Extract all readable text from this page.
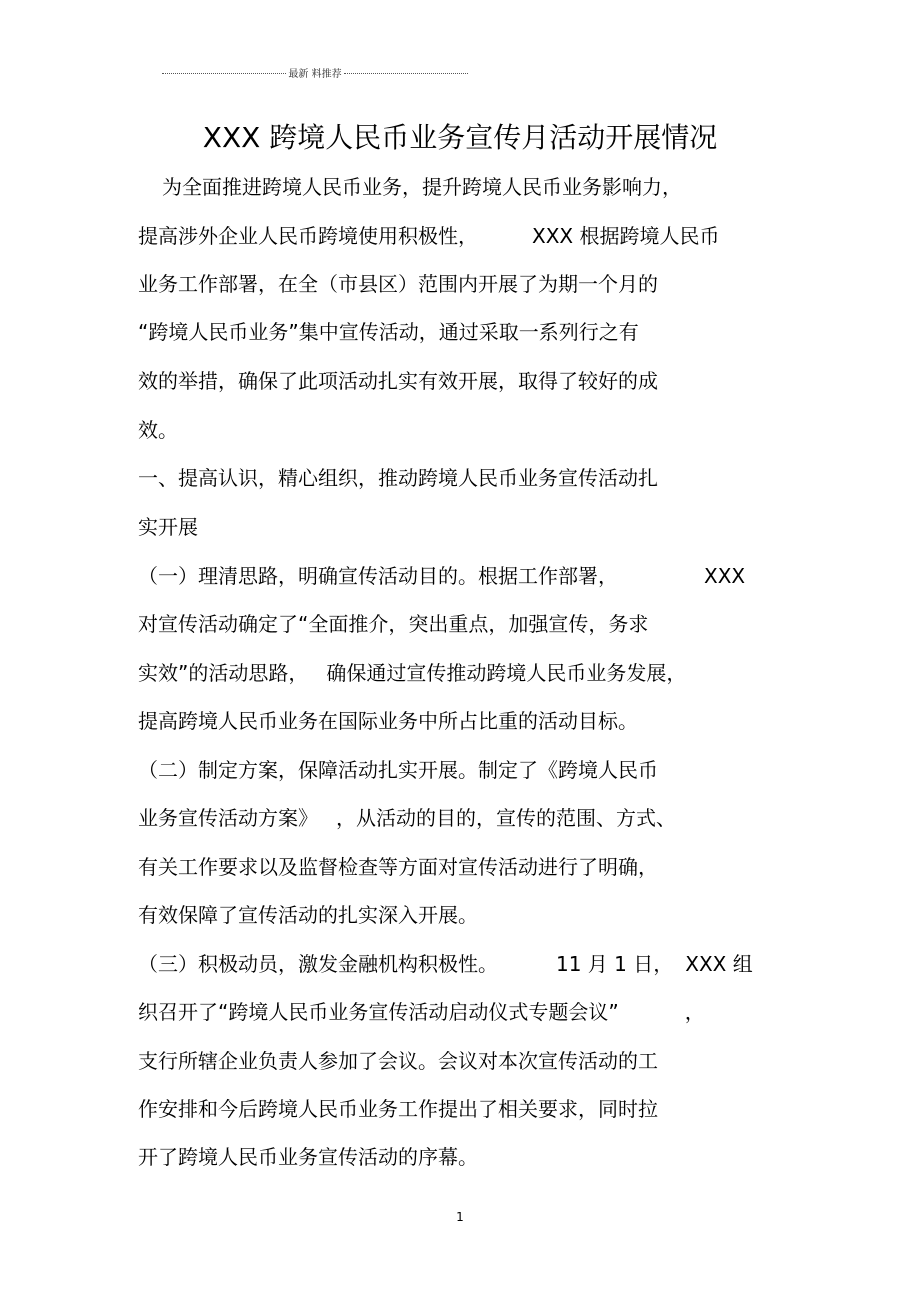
最新 料推荐
XXX 跨境人民币业务宣传月活动开展情况
为全面推进跨境人民币业务，提升跨境人民币业务影响力，
提高涉外企业人民币跨境使用积极性，	XXX 根据跨境人民币
业务工作部署，在全（市县区）范围内开展了为期一个月的
“跨境人民币业务”集中宣传活动，通过采取一系列行之有
效的举措，确保了此项活动扎实有效开展，取得了较好的成
效。
一、提高认识，精心组织，推动跨境人民币业务宣传活动扎
实开展
（一）理清思路，明确宣传活动目的。根据工作部署，	XXX
对宣传活动确定了“全面推介，突出重点，加强宣传，务求
实效”的活动思路， 确保通过宣传推动跨境人民币业务发展，
提高跨境人民币业务在国际业务中所占比重的活动目标。
（二）制定方案，保障活动扎实开展。制定了《跨境人民币
业务宣传活动方案》 ，从活动的目的，宣传的范围、方式、
有关工作要求以及监督检查等方面对宣传活动进行了明确，
有效保障了宣传活动的扎实深入开展。
（三）积极动员，激发金融机构积极性。	11 月 1 日， XXX 组
织召开了“跨境人民币业务宣传活动启动仪式专题会议”	，
支行所辖企业负责人参加了会议。会议对本次宣传活动的工
作安排和今后跨境人民币业务工作提出了相关要求，同时拉
开了跨境人民币业务宣传活动的序幕。
1
